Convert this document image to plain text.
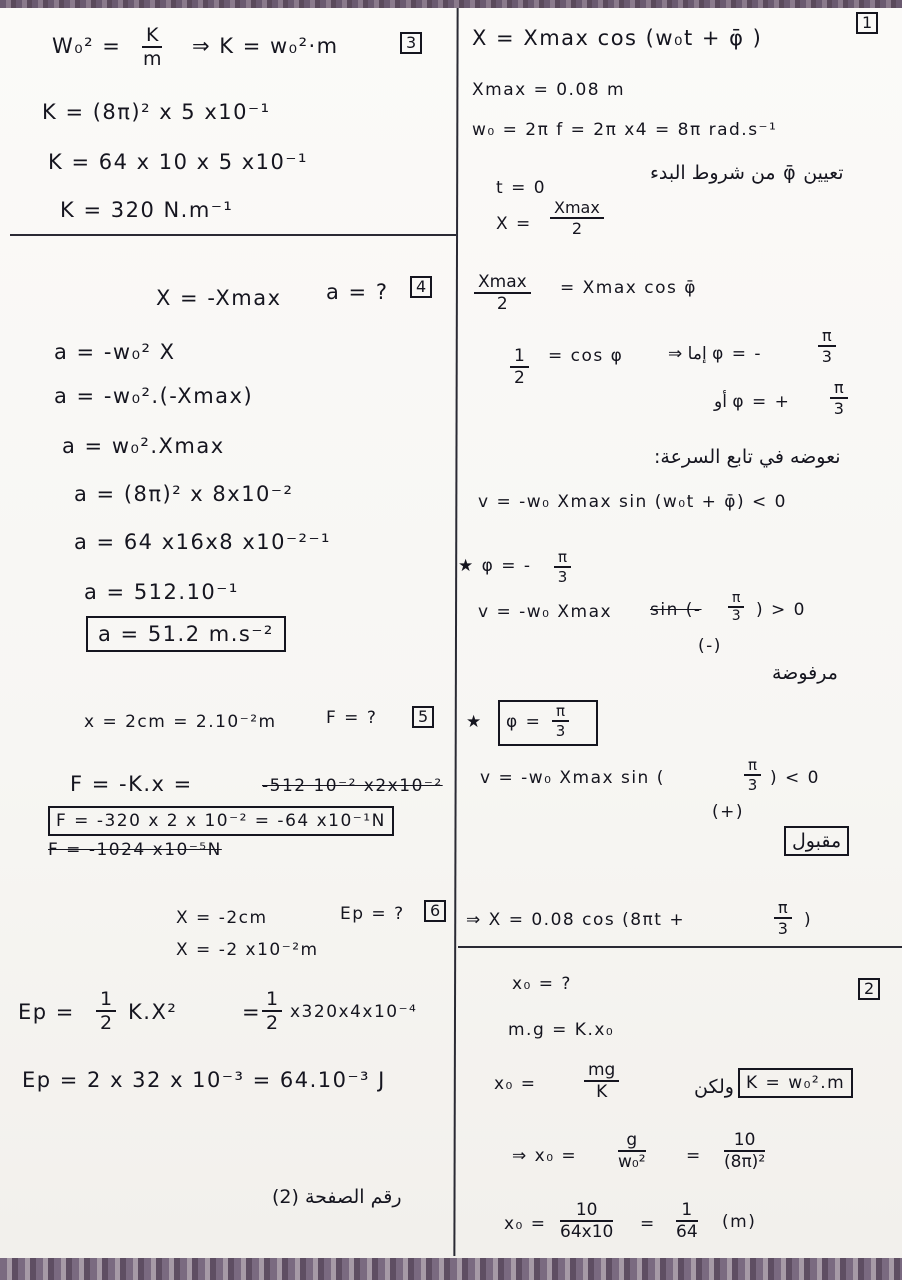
3
$W_0^2 = \frac{K}{m}$ ⇒ K = w₀²·m
K = (8π)² x 5 x10⁻¹
K = 64 x 10 x 5 x10⁻¹
K = 320 N.m⁻¹
X = -Xmax a = ?	4
a = -w₀² X
a = -w₀².(-Xmax)
a = w₀².Xmax
a = (8π)² x 8x10⁻²
a = 64 x16x8 x10⁻²⁻¹
a = 512.10⁻¹
a = 51.2 m.s⁻²
x = 2cm = 2.10⁻²m	F = ?	5
F = -K.x =	-512 10⁻² x2x10⁻²
F = -320 x 2 x 10⁻² = -64 x10⁻¹N
F = -1024 x10⁻⁵N
X = -2cm	Ep = ?	6
X = -2 x10⁻²m
$Ep = \frac{1}{2} K.X^2$	= $\frac{1}{2} x320x4x10^{-4}$
Ep = 2 x 32 x 10⁻³ = 64.10⁻³ J
رقم الصفحة (2)
X = Xmax cos (w₀t + φ̄ )
1
Xmax = 0.08 m
w₀ = 2π f = 2π x4 = 8π rad.s⁻¹
تعيين φ̄ من شروط البدء
t = 0
X =
Xmax
2
Xmax
2
= Xmax cos φ̄
$\frac{1}{2} = \cos \varphi$	⇒ إما φ = -	$\frac{\pi}{3}$
أو φ = + $\frac{\pi}{3}$
نعوضه في تابع السرعة:
v = -w₀ Xmax sin (w₀t + φ̄) < 0
★ φ = - $\frac{\pi}{3}$
v = -w₀ Xmax sin (- $\frac{\pi}{3}$ ) > 0
(-)
مرفوضة
★ $\varphi = \frac{\pi}{3}$
v = -w₀ Xmax sin (	$\frac{\pi}{3}$ ) < 0
(+)
مقبول
⇒ X = 0.08 cos (8πt +	$\frac{\pi}{3}$ )
2
x₀ = ?
m.g = K.x₀
x₀ =	$\frac{mg}{K}$	ولكن K = w₀².m
⇒ $x_0 = \frac{g}{\text{w₀²}} = \frac{10}{\text{(8π)²}}$
$x_0 = \frac{10}{64x10} = \frac{1}{64} (m)$
